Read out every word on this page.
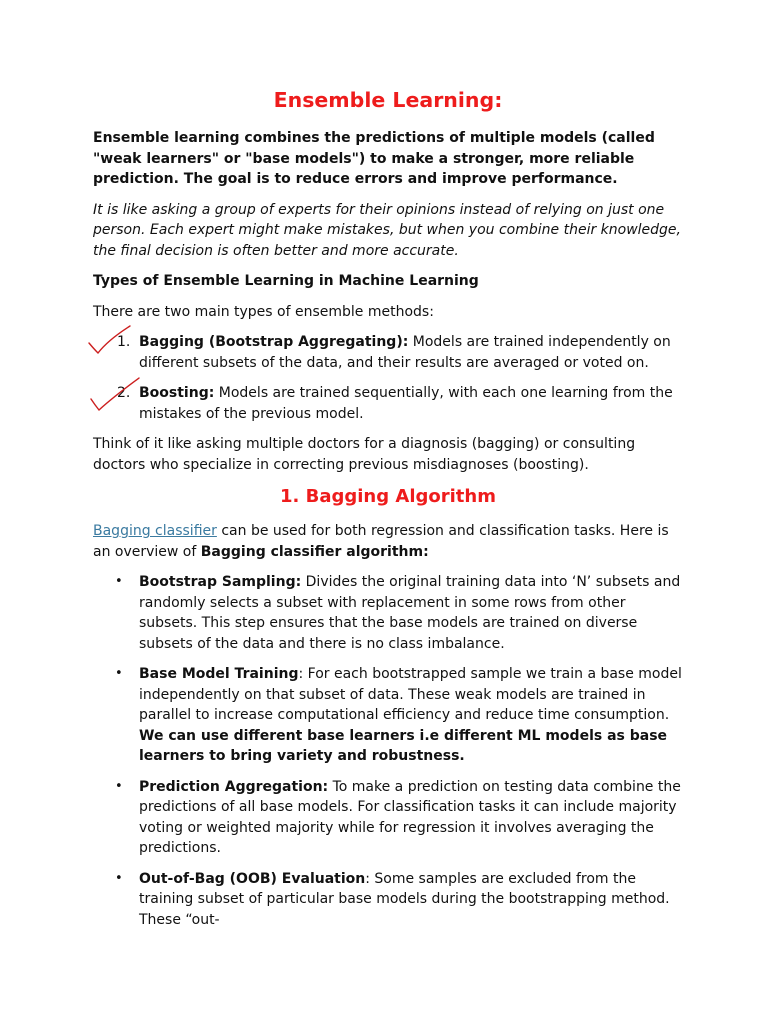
Ensemble Learning:

Ensemble learning combines the predictions of multiple models (called "weak learners" or "base models") to make a stronger, more reliable prediction. The goal is to reduce errors and improve performance.

It is like asking a group of experts for their opinions instead of relying on just one person. Each expert might make mistakes, but when you combine their knowledge, the final decision is often better and more accurate.

Types of Ensemble Learning in Machine Learning

There are two main types of ensemble methods:

1. Bagging (Bootstrap Aggregating): Models are trained independently on different subsets of the data, and their results are averaged or voted on.
2. Boosting: Models are trained sequentially, with each one learning from the mistakes of the previous model.

Think of it like asking multiple doctors for a diagnosis (bagging) or consulting doctors who specialize in correcting previous misdiagnoses (boosting).

1. Bagging Algorithm

Bagging classifier can be used for both regression and classification tasks. Here is an overview of Bagging classifier algorithm:

• Bootstrap Sampling: Divides the original training data into ‘N’ subsets and randomly selects a subset with replacement in some rows from other subsets. This step ensures that the base models are trained on diverse subsets of the data and there is no class imbalance.
• Base Model Training: For each bootstrapped sample we train a base model independently on that subset of data. These weak models are trained in parallel to increase computational efficiency and reduce time consumption. We can use different base learners i.e different ML models as base learners to bring variety and robustness.
• Prediction Aggregation: To make a prediction on testing data combine the predictions of all base models. For classification tasks it can include majority voting or weighted majority while for regression it involves averaging the predictions.
• Out-of-Bag (OOB) Evaluation: Some samples are excluded from the training subset of particular base models during the bootstrapping method. These “out-
